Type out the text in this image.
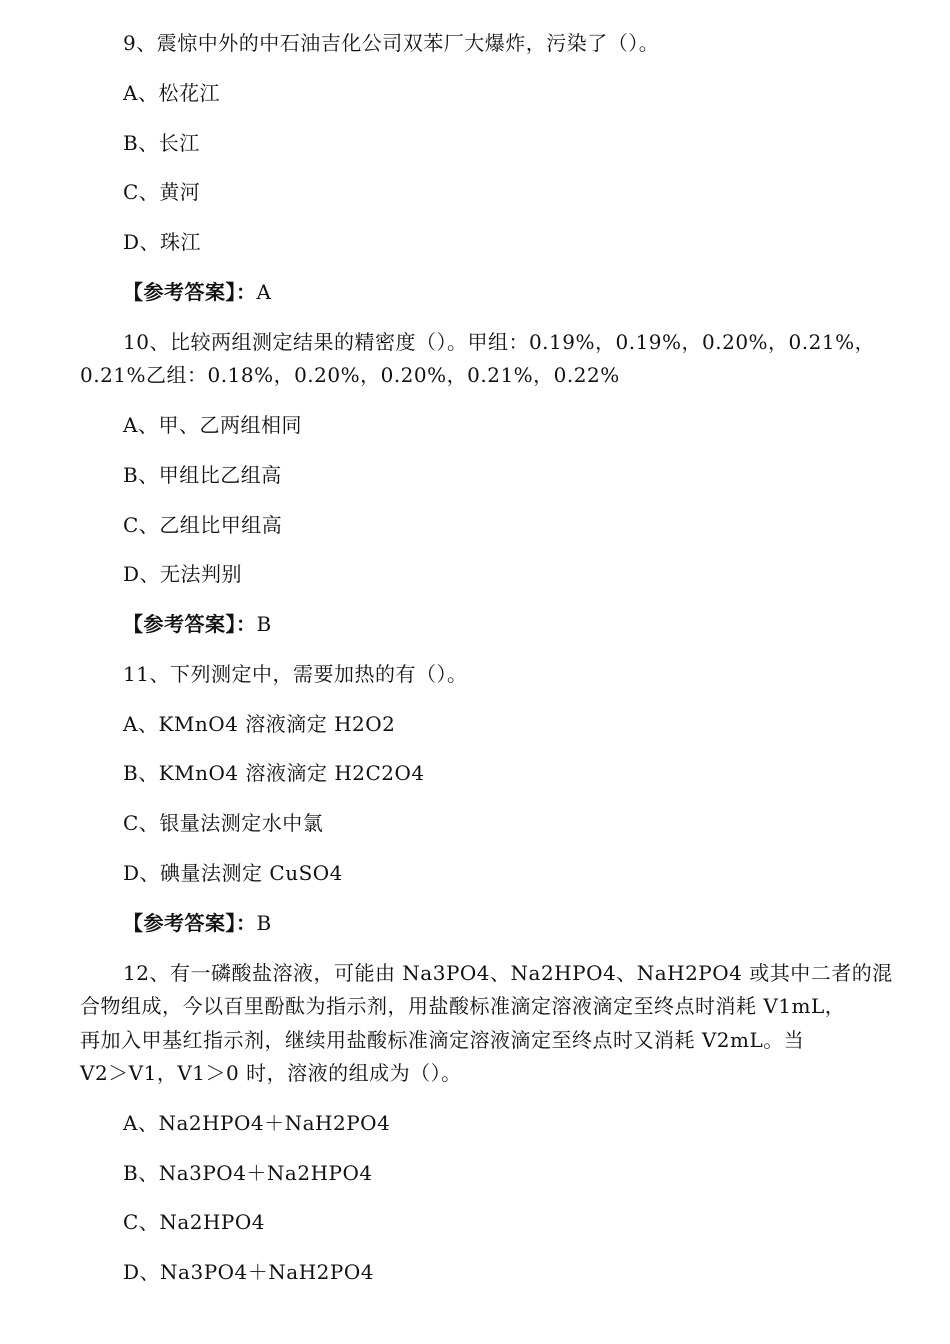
9、震惊中外的中石油吉化公司双苯厂大爆炸，污染了（）。
A、松花江
B、长江
C、黄河
D、珠江
【参考答案】：A
10、比较两组测定结果的精密度（）。甲组：0.19%，0.19%，0.20%，0.21%，
0.21%乙组：0.18%，0.20%，0.20%，0.21%，0.22%
A、甲、乙两组相同
B、甲组比乙组高
C、乙组比甲组高
D、无法判别
【参考答案】：B
11、下列测定中，需要加热的有（）。
A、KMnO4 溶液滴定 H2O2
B、KMnO4 溶液滴定 H2C2O4
C、银量法测定水中氯
D、碘量法测定 CuSO4
【参考答案】：B
12、有一磷酸盐溶液，可能由 Na3PO4、Na2HPO4、NaH2PO4 或其中二者的混
合物组成，今以百里酚酞为指示剂，用盐酸标准滴定溶液滴定至终点时消耗 V1mL，
再加入甲基红指示剂，继续用盐酸标准滴定溶液滴定至终点时又消耗 V2mL。当
V2＞V1，V1＞0 时，溶液的组成为（）。
A、Na2HPO4＋NaH2PO4
B、Na3PO4＋Na2HPO4
C、Na2HPO4
D、Na3PO4＋NaH2PO4
